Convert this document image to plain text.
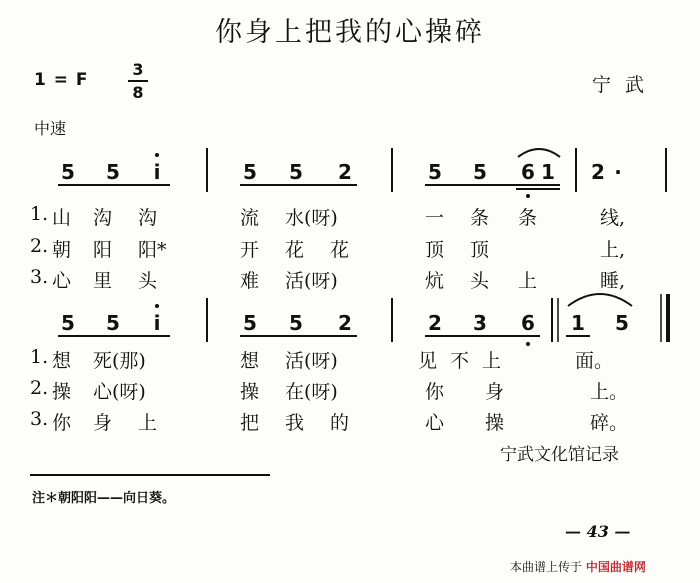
你身上把我的心操碎
1 = F
3
8	宁武
中速
5 5	i	5 5 2	5 5 6 1 2 ·
1. 山 沟 沟	流 水(呀)	一 条 条	线,
2. 朝 阳 阳*	开 花 花	顶 顶	上,
3. 心 里 头	难 活(呀)	炕 头 上	睡,
5 5	i	5 5 2	2 3 6 1 5
1. 想 死(那)	想 活(呀)	见 不 上	面。
2. 操 心(呀)	操 在(呀)	你 身	上。
3. 你 身 上	把 我 的	心 操	碎。
宁武文化馆记录
注＊朝阳阳——向日葵。
— 43 —
本曲谱上传于 中国曲谱网
